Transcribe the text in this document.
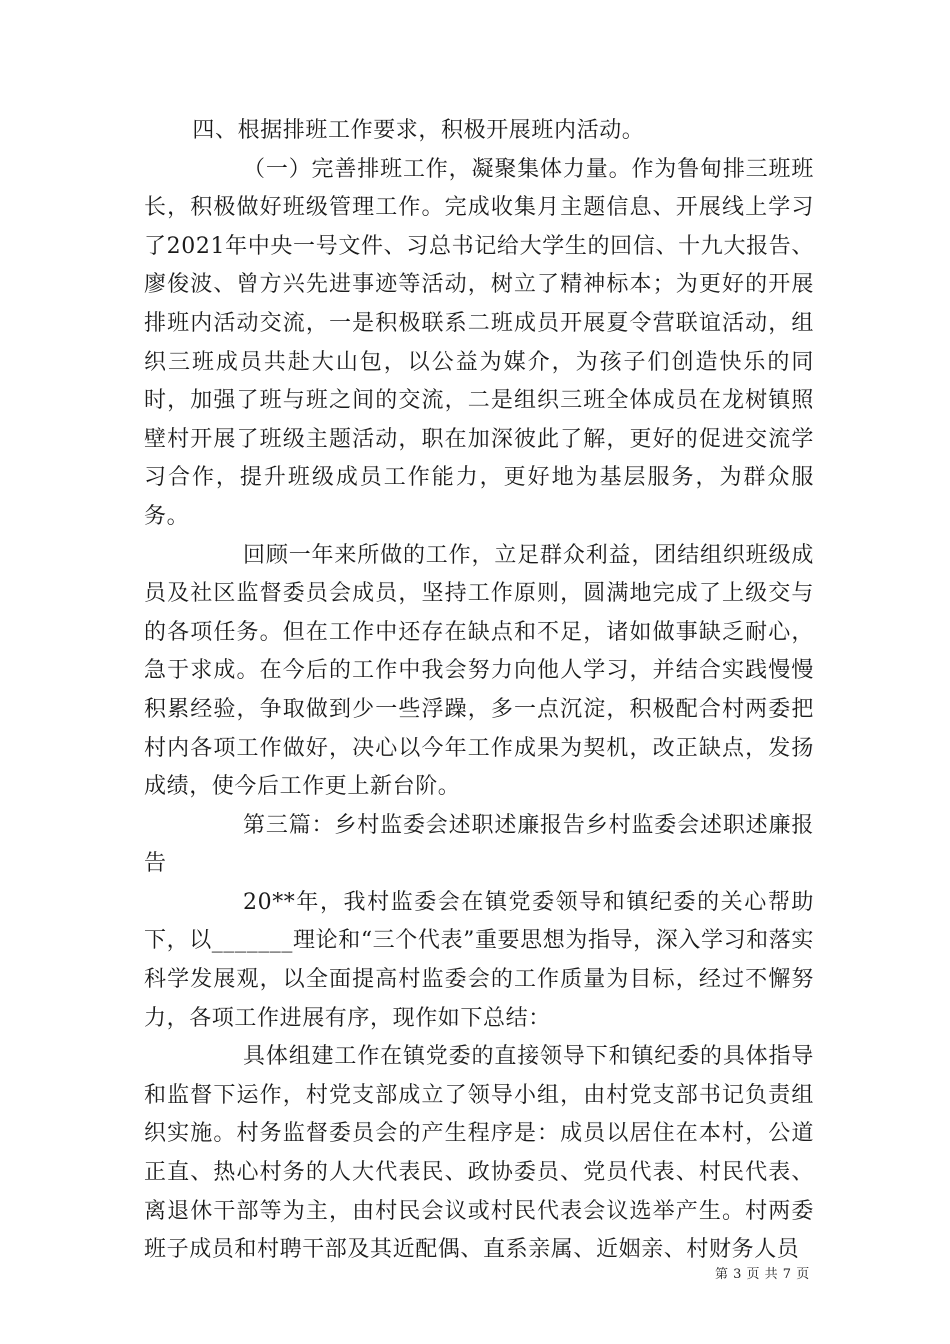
四、根据排班工作要求，积极开展班内活动。

（一）完善排班工作，凝聚集体力量。作为鲁甸排三班班长，积极做好班级管理工作。完成收集月主题信息、开展线上学习了2021年中央一号文件、习总书记给大学生的回信、十九大报告、廖俊波、曾方兴先进事迹等活动，树立了精神标本；为更好的开展排班内活动交流，一是积极联系二班成员开展夏令营联谊活动，组织三班成员共赴大山包，以公益为媒介，为孩子们创造快乐的同时，加强了班与班之间的交流，二是组织三班全体成员在龙树镇照壁村开展了班级主题活动，职在加深彼此了解，更好的促进交流学习合作，提升班级成员工作能力，更好地为基层服务，为群众服务。

回顾一年来所做的工作，立足群众利益，团结组织班级成员及社区监督委员会成员，坚持工作原则，圆满地完成了上级交与的各项任务。但在工作中还存在缺点和不足，诸如做事缺乏耐心，急于求成。在今后的工作中我会努力向他人学习，并结合实践慢慢积累经验，争取做到少一些浮躁，多一点沉淀，积极配合村两委把村内各项工作做好，决心以今年工作成果为契机，改正缺点，发扬成绩，使今后工作更上新台阶。

第三篇：乡村监委会述职述廉报告乡村监委会述职述廉报告

20**年，我村监委会在镇党委领导和镇纪委的关心帮助下，以_______理论和“三个代表”重要思想为指导，深入学习和落实科学发展观，以全面提高村监委会的工作质量为目标，经过不懈努力，各项工作进展有序，现作如下总结：

具体组建工作在镇党委的直接领导下和镇纪委的具体指导和监督下运作，村党支部成立了领导小组，由村党支部书记负责组织实施。村务监督委员会的产生程序是：成员以居住在本村，公道正直、热心村务的人大代表民、政协委员、党员代表、村民代表、离退休干部等为主，由村民会议或村民代表会议选举产生。村两委班子成员和村聘干部及其近配偶、直系亲属、近姻亲、村财务人员

第 3 页 共 7 页
